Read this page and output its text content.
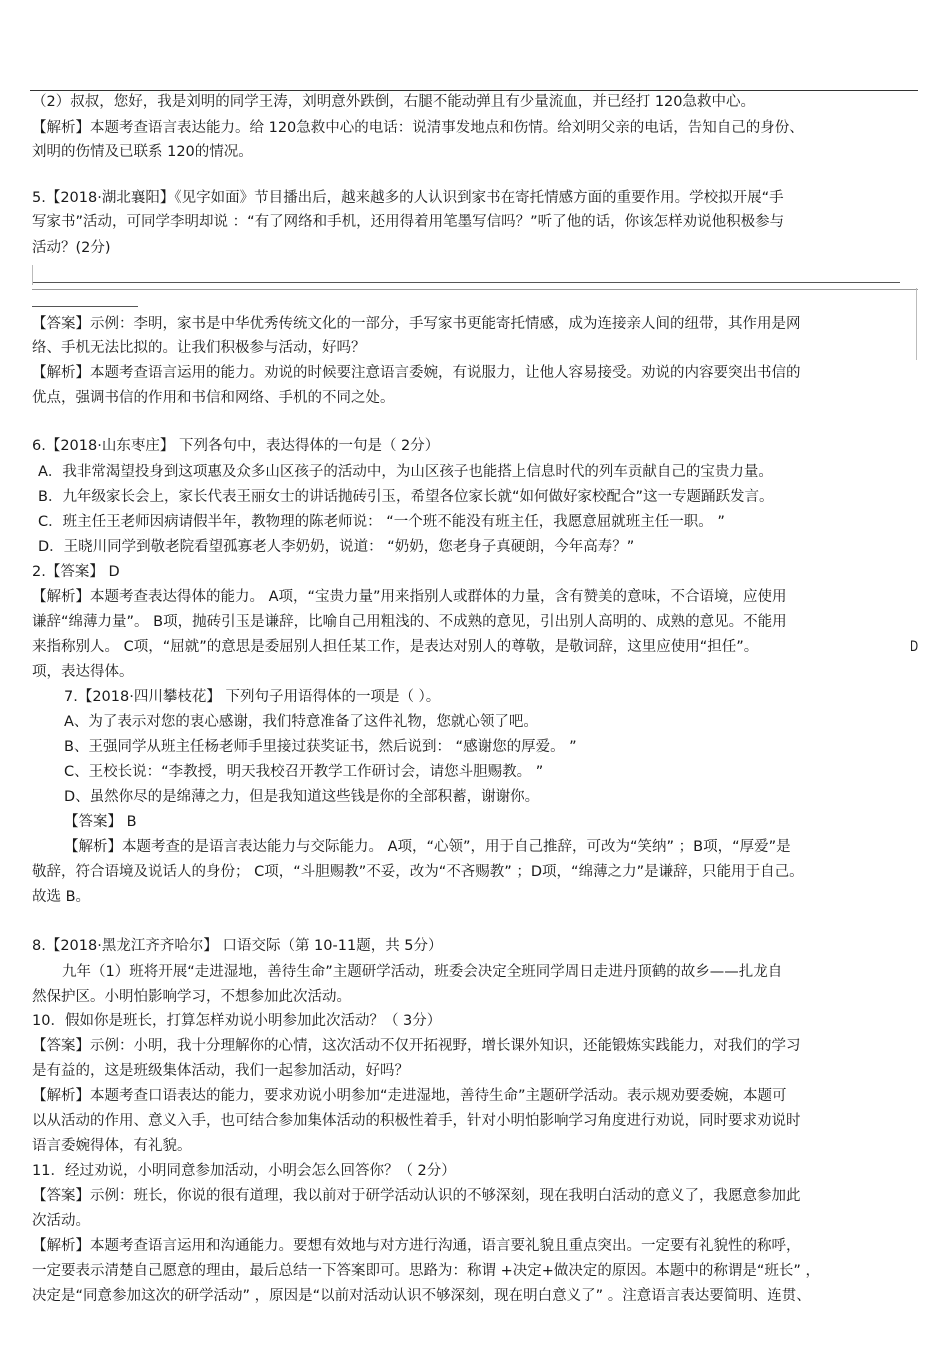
（2）叔叔，您好，我是刘明的同学王涛，刘明意外跌倒，右腿不能动弹且有少量流血，并已经打 120急救中心。
【解析】本题考查语言表达能力。给 120急救中心的电话：说清事发地点和伤情。给刘明父亲的电话，告知自己的身份、
刘明的伤情及已联系 120的情况。
5.【2018·湖北襄阳】《见字如面》节目播出后，越来越多的人认识到家书在寄托情感方面的重要作用。学校拟开展“手
写家书”活动，可同学李明却说 ：“有了网络和手机，还用得着用笔墨写信吗？”听了他的话，你该怎样劝说他积极参与
活动？(2分)
【答案】示例：李明，家书是中华优秀传统文化的一部分，手写家书更能寄托情感，成为连接亲人间的纽带，其作用是网
络、手机无法比拟的。让我们积极参与活动，好吗？
【解析】本题考查语言运用的能力。劝说的时候要注意语言委婉，有说服力，让他人容易接受。劝说的内容要突出书信的
优点，强调书信的作用和书信和网络、手机的不同之处。
6.【2018·山东枣庄】 下列各句中，表达得体的一句是（ 2分）
A．我非常渴望投身到这项惠及众多山区孩子的活动中，为山区孩子也能搭上信息时代的列车贡献自己的宝贵力量。
B．九年级家长会上，家长代表王丽女士的讲话抛砖引玉，希望各位家长就“如何做好家校配合”这一专题踊跃发言。
C．班主任王老师因病请假半年，教物理的陈老师说： “一个班不能没有班主任，我愿意屈就班主任一职。 ”
D．王晓川同学到敬老院看望孤寡老人李奶奶，说道： “奶奶，您老身子真硬朗，今年高寿？”
2.【答案】 D
【解析】本题考查表达得体的能力。 A项，“宝贵力量”用来指别人或群体的力量，含有赞美的意味，不合语境，应使用
谦辞“绵薄力量”。 B项，抛砖引玉是谦辞，比喻自己用粗浅的、不成熟的意见，引出别人高明的、成熟的意见。不能用
来指称别人。 C项，“屈就”的意思是委屈别人担任某工作，是表达对别人的尊敬，是敬词辞，这里应使用“担任”。	D
项，表达得体。
7.【2018·四川攀枝花】 下列句子用语得体的一项是（ ）。
A、为了表示对您的衷心感谢，我们特意准备了这件礼物，您就心领了吧。
B、王强同学从班主任杨老师手里接过获奖证书，然后说到： “感谢您的厚爱。 ”
C、王校长说：“李教授，明天我校召开教学工作研讨会，请您斗胆赐教。 ”
D、虽然你尽的是绵薄之力，但是我知道这些钱是你的全部积蓄，谢谢你。
【答案】 B
【解析】本题考查的是语言表达能力与交际能力。 A项，“心领”，用于自己推辞，可改为“笑纳” ；B项，“厚爱”是
敬辞，符合语境及说话人的身份； C项，“斗胆赐教”不妥，改为“不吝赐教” ；D项，“绵薄之力”是谦辞，只能用于自己。
故选 B。
8.【2018·黑龙江齐齐哈尔】 口语交际（第 10-11题，共 5分）
九年（1）班将开展“走进湿地，善待生命”主题研学活动，班委会决定全班同学周日走进丹顶鹤的故乡——扎龙自
然保护区。小明怕影响学习，不想参加此次活动。
10．假如你是班长，打算怎样劝说小明参加此次活动？（ 3分）
【答案】示例：小明，我十分理解你的心情，这次活动不仅开拓视野，增长课外知识，还能锻炼实践能力，对我们的学习
是有益的，这是班级集体活动，我们一起参加活动，好吗？
【解析】本题考查口语表达的能力，要求劝说小明参加“走进湿地，善待生命”主题研学活动。表示规劝要委婉，本题可
以从活动的作用、意义入手，也可结合参加集体活动的积极性着手，针对小明怕影响学习角度进行劝说，同时要求劝说时
语言委婉得体，有礼貌。
11．经过劝说，小明同意参加活动，小明会怎么回答你？（ 2分）
【答案】示例：班长，你说的很有道理，我以前对于研学活动认识的不够深刻，现在我明白活动的意义了，我愿意参加此
次活动。
【解析】本题考查语言运用和沟通能力。要想有效地与对方进行沟通，语言要礼貌且重点突出。一定要有礼貌性的称呼，
一定要表示清楚自己愿意的理由，最后总结一下答案即可。思路为：称谓 +决定+做决定的原因。本题中的称谓是“班长” ，
决定是“同意参加这次的研学活动” ，原因是“以前对活动认识不够深刻，现在明白意义了” 。注意语言表达要简明、连贯、
